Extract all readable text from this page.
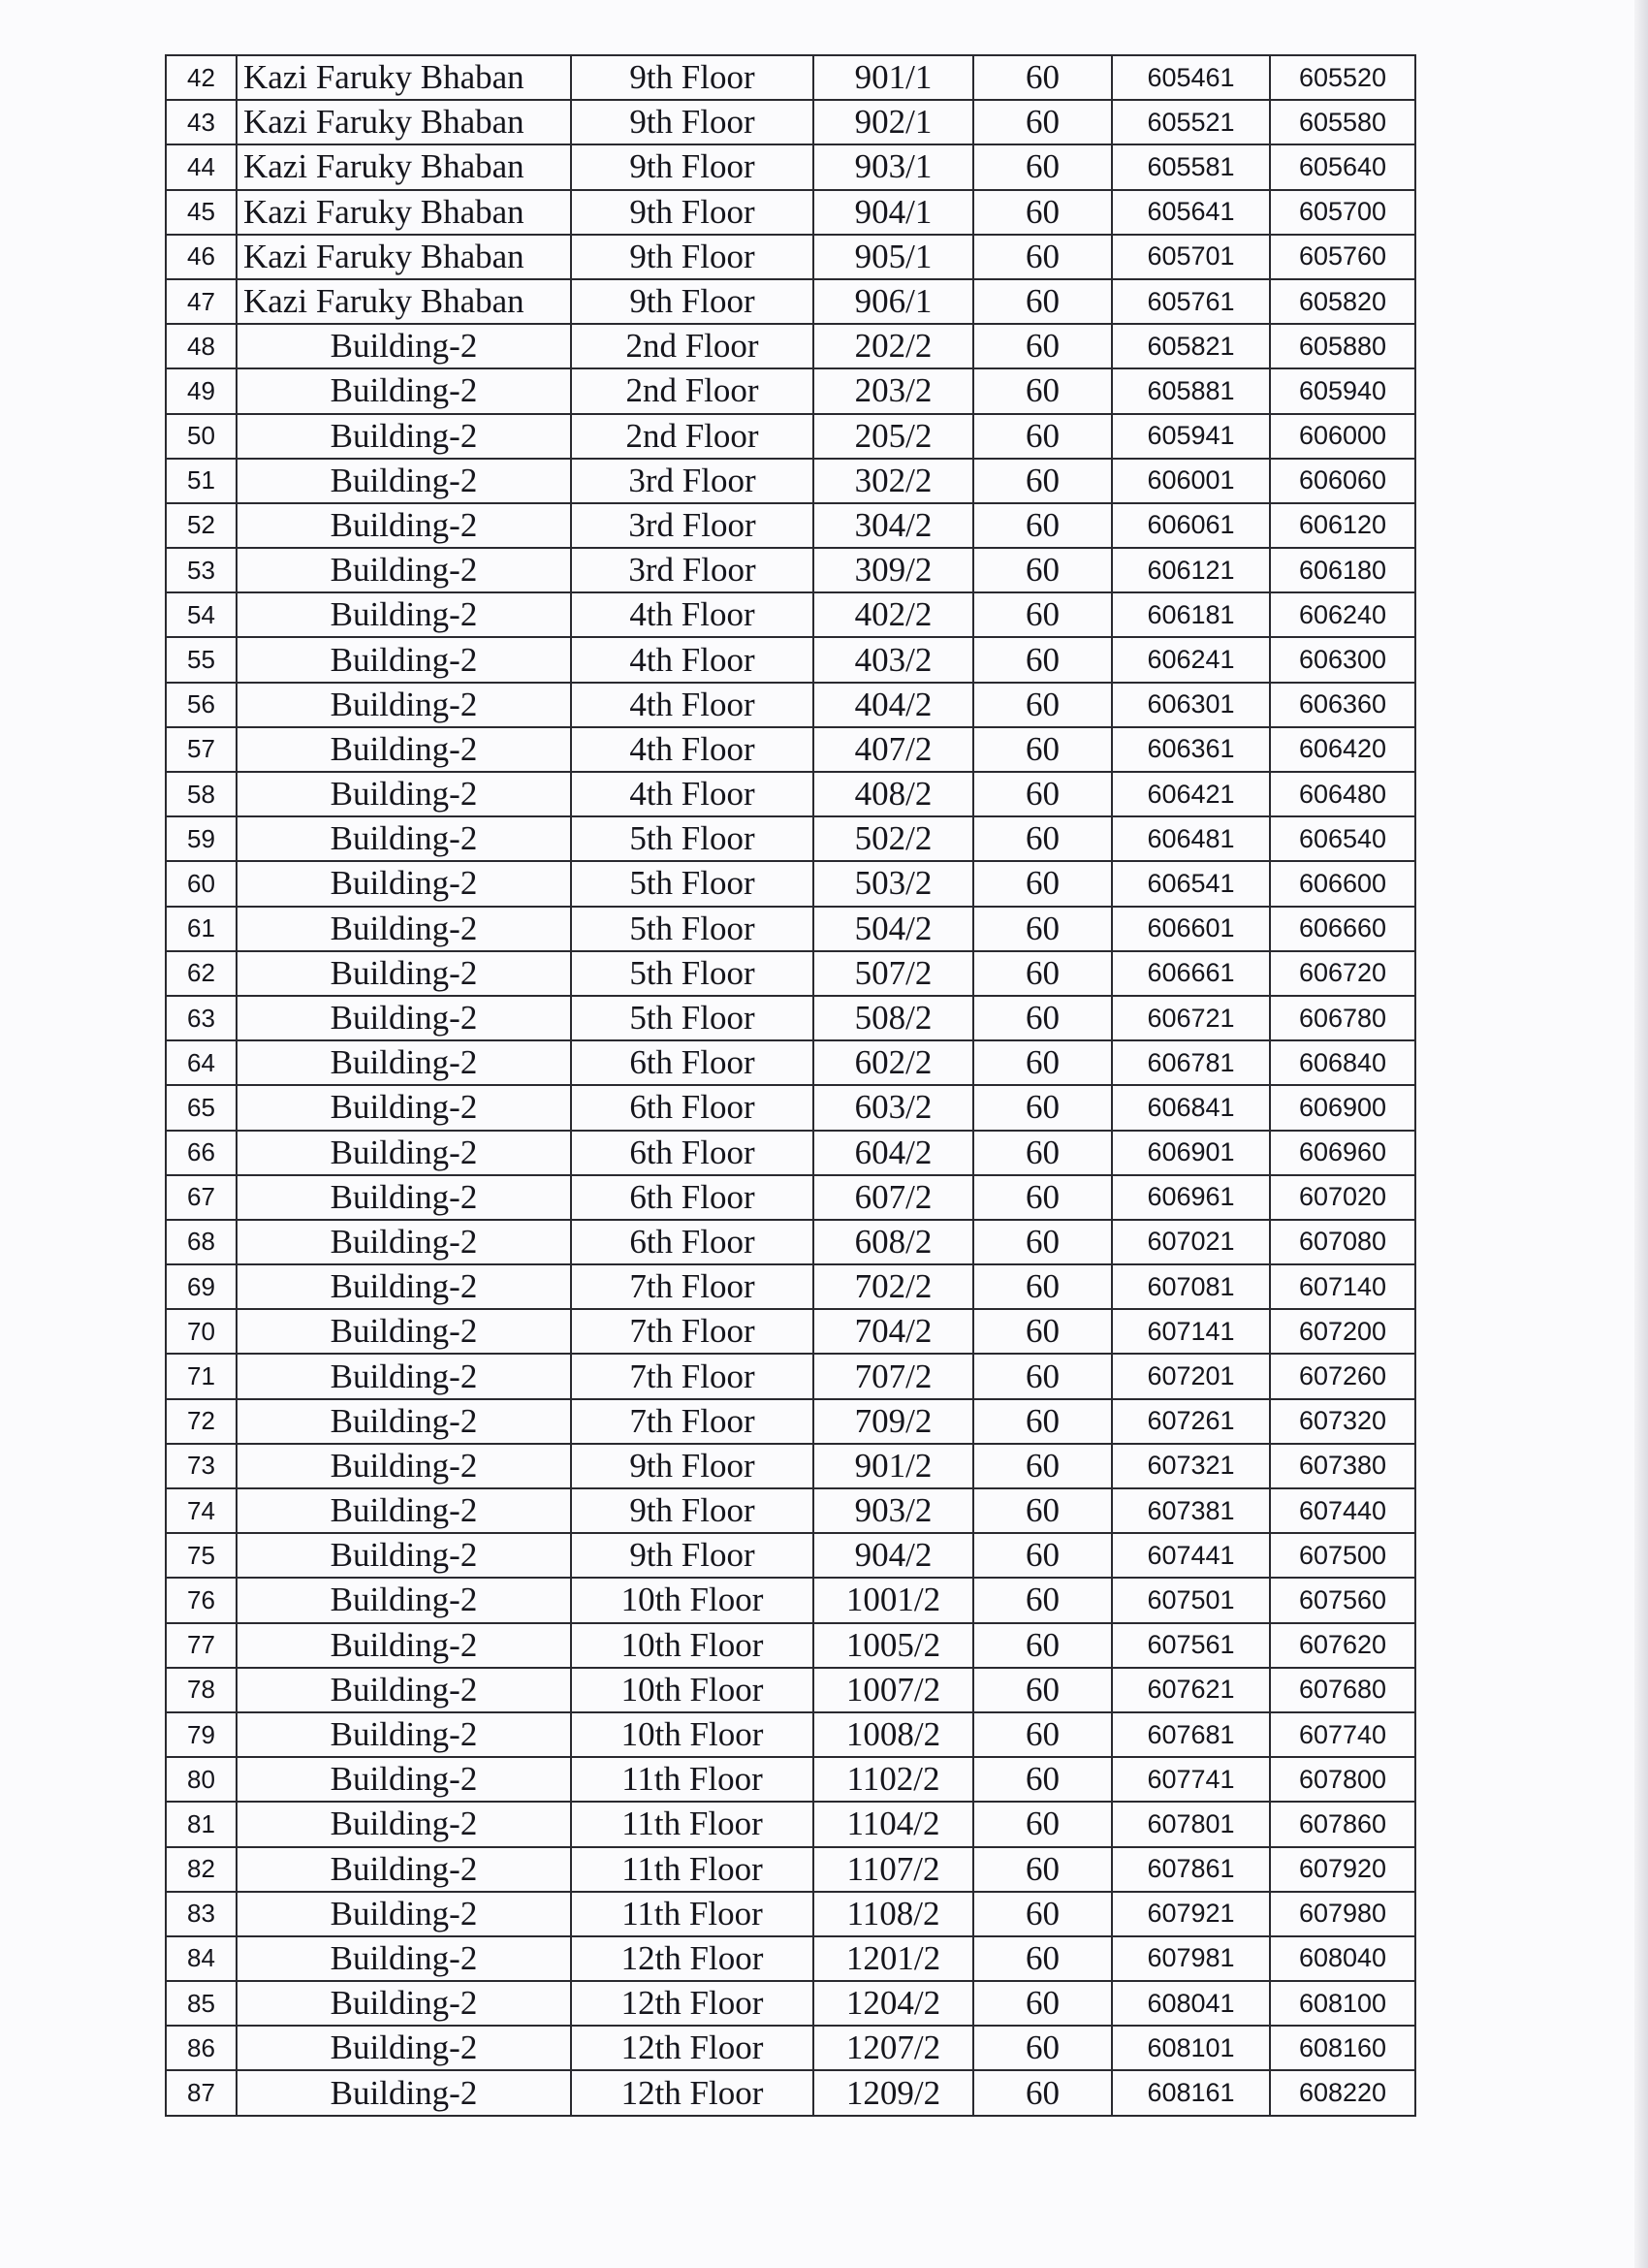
42	Kazi Faruky Bhaban	9th Floor	901/1	60	605461	605520
43	Kazi Faruky Bhaban	9th Floor	902/1	60	605521	605580
44	Kazi Faruky Bhaban	9th Floor	903/1	60	605581	605640
45	Kazi Faruky Bhaban	9th Floor	904/1	60	605641	605700
46	Kazi Faruky Bhaban	9th Floor	905/1	60	605701	605760
47	Kazi Faruky Bhaban	9th Floor	906/1	60	605761	605820
48	Building-2	2nd Floor	202/2	60	605821	605880
49	Building-2	2nd Floor	203/2	60	605881	605940
50	Building-2	2nd Floor	205/2	60	605941	606000
51	Building-2	3rd Floor	302/2	60	606001	606060
52	Building-2	3rd Floor	304/2	60	606061	606120
53	Building-2	3rd Floor	309/2	60	606121	606180
54	Building-2	4th Floor	402/2	60	606181	606240
55	Building-2	4th Floor	403/2	60	606241	606300
56	Building-2	4th Floor	404/2	60	606301	606360
57	Building-2	4th Floor	407/2	60	606361	606420
58	Building-2	4th Floor	408/2	60	606421	606480
59	Building-2	5th Floor	502/2	60	606481	606540
60	Building-2	5th Floor	503/2	60	606541	606600
61	Building-2	5th Floor	504/2	60	606601	606660
62	Building-2	5th Floor	507/2	60	606661	606720
63	Building-2	5th Floor	508/2	60	606721	606780
64	Building-2	6th Floor	602/2	60	606781	606840
65	Building-2	6th Floor	603/2	60	606841	606900
66	Building-2	6th Floor	604/2	60	606901	606960
67	Building-2	6th Floor	607/2	60	606961	607020
68	Building-2	6th Floor	608/2	60	607021	607080
69	Building-2	7th Floor	702/2	60	607081	607140
70	Building-2	7th Floor	704/2	60	607141	607200
71	Building-2	7th Floor	707/2	60	607201	607260
72	Building-2	7th Floor	709/2	60	607261	607320
73	Building-2	9th Floor	901/2	60	607321	607380
74	Building-2	9th Floor	903/2	60	607381	607440
75	Building-2	9th Floor	904/2	60	607441	607500
76	Building-2	10th Floor	1001/2	60	607501	607560
77	Building-2	10th Floor	1005/2	60	607561	607620
78	Building-2	10th Floor	1007/2	60	607621	607680
79	Building-2	10th Floor	1008/2	60	607681	607740
80	Building-2	11th Floor	1102/2	60	607741	607800
81	Building-2	11th Floor	1104/2	60	607801	607860
82	Building-2	11th Floor	1107/2	60	607861	607920
83	Building-2	11th Floor	1108/2	60	607921	607980
84	Building-2	12th Floor	1201/2	60	607981	608040
85	Building-2	12th Floor	1204/2	60	608041	608100
86	Building-2	12th Floor	1207/2	60	608101	608160
87	Building-2	12th Floor	1209/2	60	608161	608220
